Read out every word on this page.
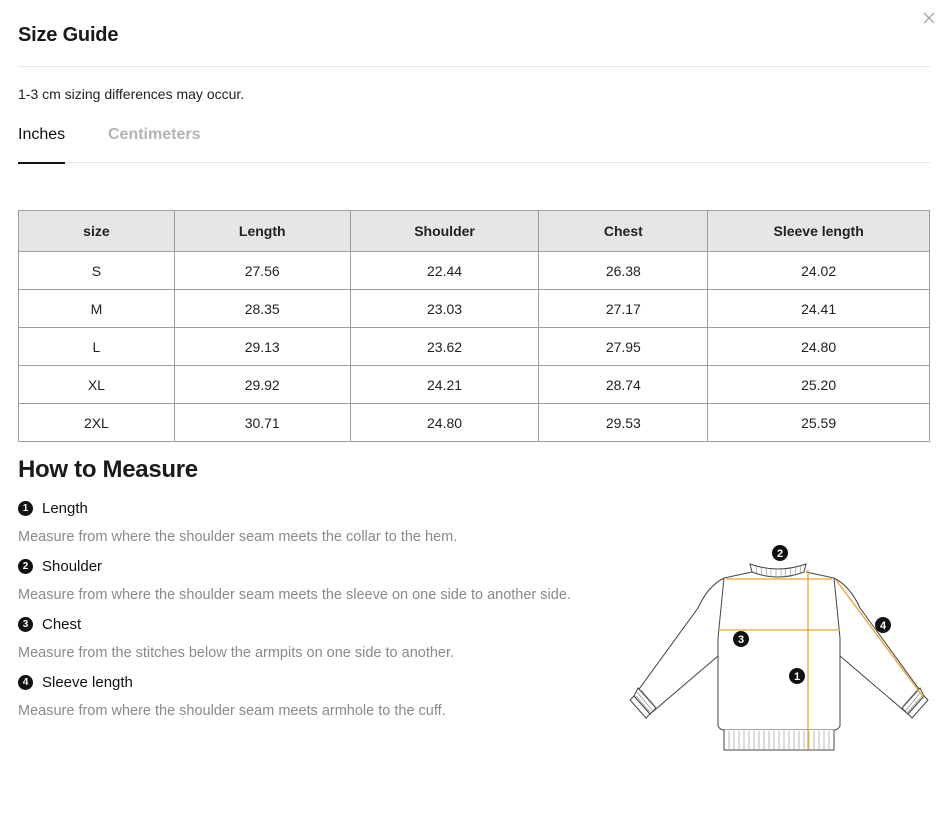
Size Guide
1-3 cm sizing differences may occur.
Inches	Centimeters
size	Length	Shoulder	Chest	Sleeve length
S	27.56	22.44	26.38	24.02
M	28.35	23.03	27.17	24.41
L	29.13	23.62	27.95	24.80
XL	29.92	24.21	28.74	25.20
2XL	30.71	24.80	29.53	25.59
How to Measure
1 Length
Measure from where the shoulder seam meets the collar to the hem.
2 Shoulder
Measure from where the shoulder seam meets the sleeve on one side to another side.
3 Chest
Measure from the stitches below the armpits on one side to another.
4 Sleeve length
Measure from where the shoulder seam meets armhole to the cuff.
2
3
4
1
